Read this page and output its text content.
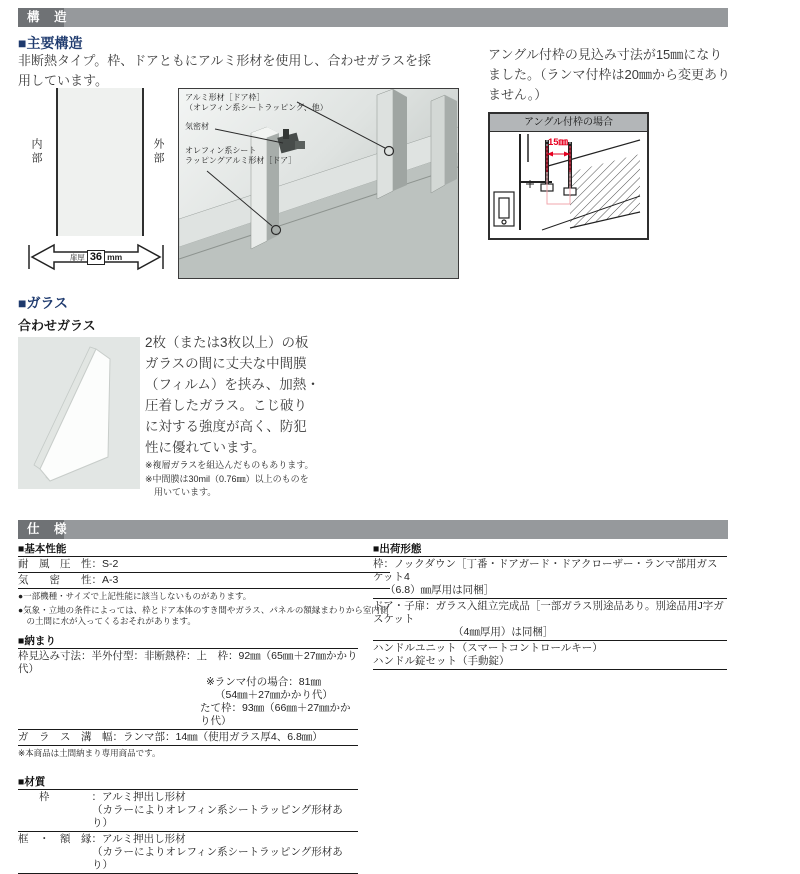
構　造
■主要構造
非断熱タイプ。枠、ドアともにアルミ形材を使用し、合わせガラスを採
用しています。
内部	外部
扉厚 36 mm
アルミ形材［ドア枠］
（オレフィン系シートラッピング、他）
気密材
オレフィン系シート
ラッピングアルミ形材［ドア］
アングル付枠の見込み寸法が15㎜になり
ました。（ランマ付枠は20㎜から変更あり
ません。）
アングル付枠の場合
15㎜
■ガラス
合わせガラス
2枚（または3枚以上）の板
ガラスの間に丈夫な中間膜
（フィルム）を挟み、加熱・
圧着したガラス。こじ破り
に対する強度が高く、防犯
性に優れています。
※複層ガラスを組込んだものもあります。
※中間膜は30mil（0.76㎜）以上のものを
　用いています。
仕　様
■基本性能
耐　風　圧　性：S-2
気　　密　　性：A-3
●一部機種・サイズで上記性能に該当しないものがあります。
●気象・立地の条件によっては、枠とドア本体のすき間やガラス、パネルの額縁まわりから室内側
　の土間に水が入ってくるおそれがあります。
■納まり
枠見込み寸法：半外付型：非断熱枠：上　枠：92㎜（65㎜＋27㎜かかり代）
※ランマ付の場合：81㎜
（54㎜＋27㎜かかり代）
たて枠：93㎜（66㎜＋27㎜かかり代）
ガ　ラ　ス　溝　幅：ランマ部：14㎜（使用ガラス厚4、6.8㎜）
※本商品は土間納まり専用商品です。
■材質
　　枠　　　　：アルミ押出し形材
（カラーによりオレフィン系シートラッピング形材あり）
框　・　額　縁：アルミ押出し形材
（カラーによりオレフィン系シートラッピング形材あり）
■出荷形態
枠：ノックダウン［丁番・ドアガード・ドアクローザー・ランマ部用ガスケット4
（6.8）㎜厚用は同梱］
ドア・子扉：ガラス入組立完成品［一部ガラス別途品あり。別途品用J字ガスケット
（4㎜厚用）は同梱］
ハンドルユニット（スマートコントロールキー）
ハンドル錠セット（手動錠）
